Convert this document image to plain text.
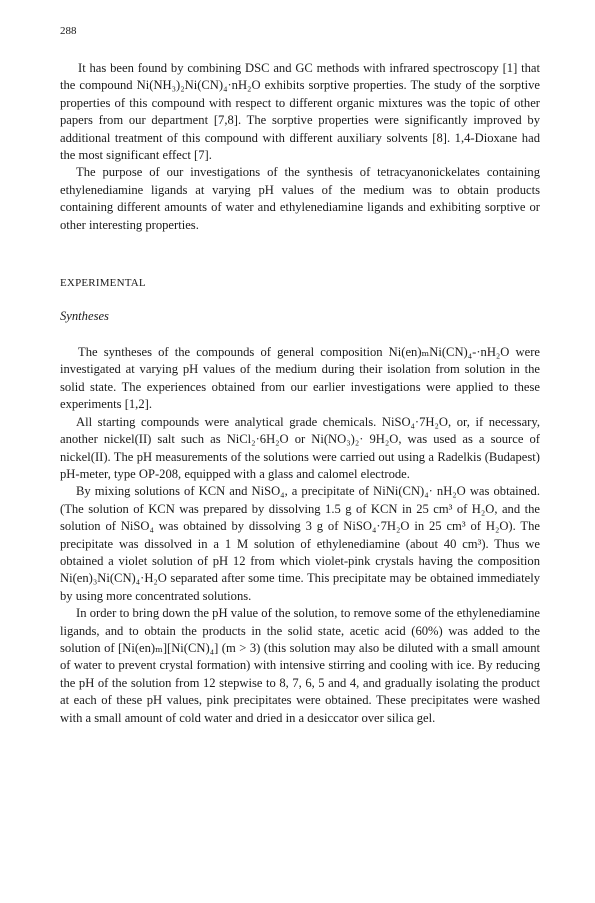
288

It has been found by combining DSC and GC methods with infrared spectroscopy [1] that the compound Ni(NH₃)₂Ni(CN)₄·nH₂O exhibits sorptive properties. The study of the sorptive properties of this compound with respect to different organic mixtures was the topic of other papers from our department [7,8]. The sorptive properties were significantly improved by additional treatment of this compound with different auxiliary solvents [8]. 1,4-Dioxane had the most significant effect [7].

The purpose of our investigations of the synthesis of tetracyanonickelates containing ethylenediamine ligands at varying pH values of the medium was to obtain products containing different amounts of water and ethylenediamine ligands and exhibiting sorptive or other interesting properties.

EXPERIMENTAL
Syntheses

The syntheses of the compounds of general composition Ni(en)ₘNi(CN)₄-·nH₂O were investigated at varying pH values of the medium during their isolation from solution in the solid state. The experiences obtained from our earlier investigations were applied to these experiments [1,2].

All starting compounds were analytical grade chemicals. NiSO₄·7H₂O, or, if necessary, another nickel(II) salt such as NiCl₂·6H₂O or Ni(NO₃)₂· 9H₂O, was used as a source of nickel(II). The pH measurements of the solutions were carried out using a Radelkis (Budapest) pH-meter, type OP-208, equipped with a glass and calomel electrode.

By mixing solutions of KCN and NiSO₄, a precipitate of NiNi(CN)₄· nH₂O was obtained. (The solution of KCN was prepared by dissolving 1.5 g of KCN in 25 cm³ of H₂O, and the solution of NiSO₄ was obtained by dissolving 3 g of NiSO₄·7H₂O in 25 cm³ of H₂O). The precipitate was dissolved in a 1 M solution of ethylenediamine (about 40 cm³). Thus we obtained a violet solution of pH 12 from which violet-pink crystals having the composition Ni(en)₃Ni(CN)₄·H₂O separated after some time. This precipitate may be obtained immediately by using more concentrated solutions.

In order to bring down the pH value of the solution, to remove some of the ethylenediamine ligands, and to obtain the products in the solid state, acetic acid (60%) was added to the solution of [Ni(en)ₘ][Ni(CN)₄] (m > 3) (this solution may also be diluted with a small amount of water to prevent crystal formation) with intensive stirring and cooling with ice. By reducing the pH of the solution from 12 stepwise to 8, 7, 6, 5 and 4, and gradually isolating the product at each of these pH values, pink precipitates were obtained. These precipitates were washed with a small amount of cold water and dried in a desiccator over silica gel.
